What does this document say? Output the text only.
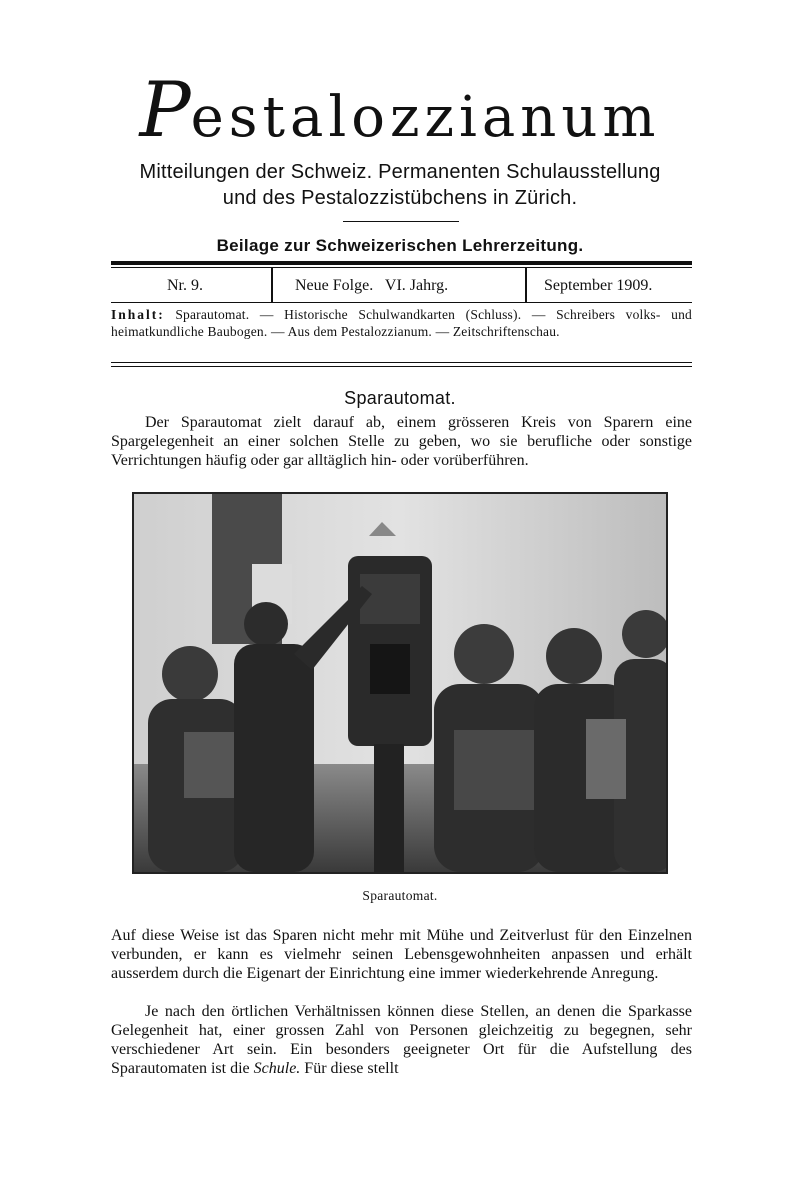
Pestalozzianum
Mitteilungen der Schweiz. Permanenten Schulausstellung
und des Pestalozzistübchens in Zürich.
Beilage zur Schweizerischen Lehrerzeitung.
Nr. 9.	Neue Folge.   VI. Jahrg.	September 1909.
Inhalt: Sparautomat. — Historische Schulwandkarten (Schluss). — Schreibers volks- und heimatkundliche Baubogen. — Aus dem Pestalozzianum. — Zeitschriftenschau.
Sparautomat.
Der Sparautomat zielt darauf ab, einem grösseren Kreis von Sparern eine Spargelegenheit an einer solchen Stelle zu geben, wo sie berufliche oder sonstige Verrichtungen häufig oder gar alltäglich hin- oder vorüberführen.
Sparautomat.
Auf diese Weise ist das Sparen nicht mehr mit Mühe und Zeitverlust für den Einzelnen verbunden, er kann es vielmehr seinen Lebensgewohnheiten anpassen und erhält ausserdem durch die Eigenart der Einrichtung eine immer wiederkehrende Anregung.
Je nach den örtlichen Verhältnissen können diese Stellen, an denen die Sparkasse Gelegenheit hat, einer grossen Zahl von Personen gleichzeitig zu begegnen, sehr verschiedener Art sein. Ein besonders geeigneter Ort für die Aufstellung des Sparautomaten ist die Schule. Für diese stellt
